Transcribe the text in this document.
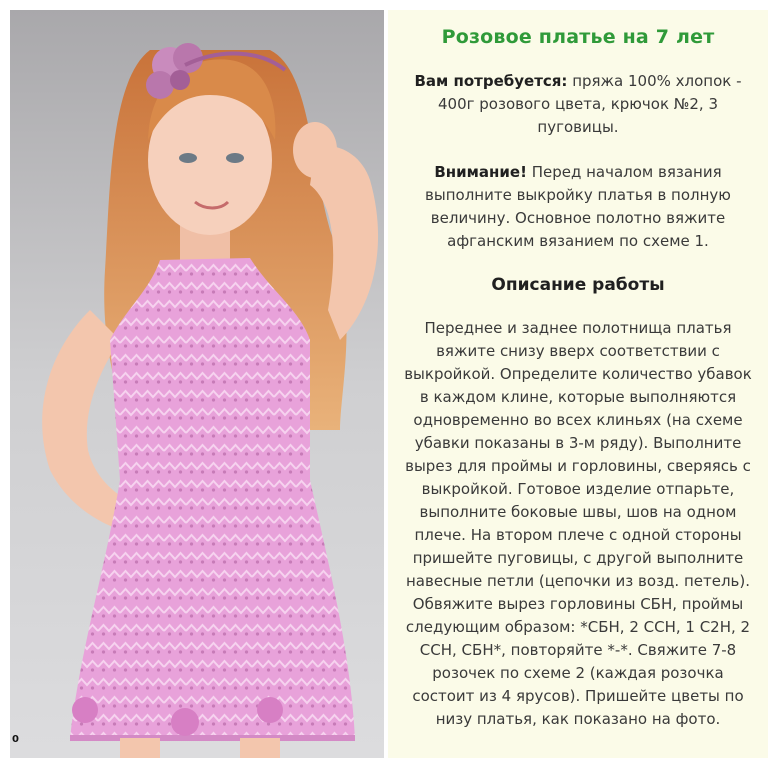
0
Розовое платье на 7 лет

Вам потребуется: пряжа 100% хлопок - 400г розового цвета, крючок №2, 3 пуговицы.

Внимание! Перед началом вязания выполните выкройку платья в полную величину. Основное полотно вяжите афганским вязанием по схеме 1.

Описание работы

Переднее и заднее полотнища платья вяжите снизу вверх соответствии с выкройкой. Определите количество убавок в каждом клине, которые выполняются одновременно во всех клиньях (на схеме убавки показаны в 3-м ряду). Выполните вырез для проймы и горловины, сверяясь с выкройкой. Готовое изделие отпарьте, выполните боковые швы, шов на одном плече. На втором плече с одной стороны пришейте пуговицы, с другой выполните навесные петли (цепочки из возд. петель). Обвяжите вырез горловины СБН, проймы следующим образом: *СБН, 2 ССН, 1 С2Н, 2 ССН, СБН*, повторяйте *-*. Свяжите 7-8 розочек по схеме 2 (каждая розочка состоит из 4 ярусов). Пришейте цветы по низу платья, как показано на фото.
